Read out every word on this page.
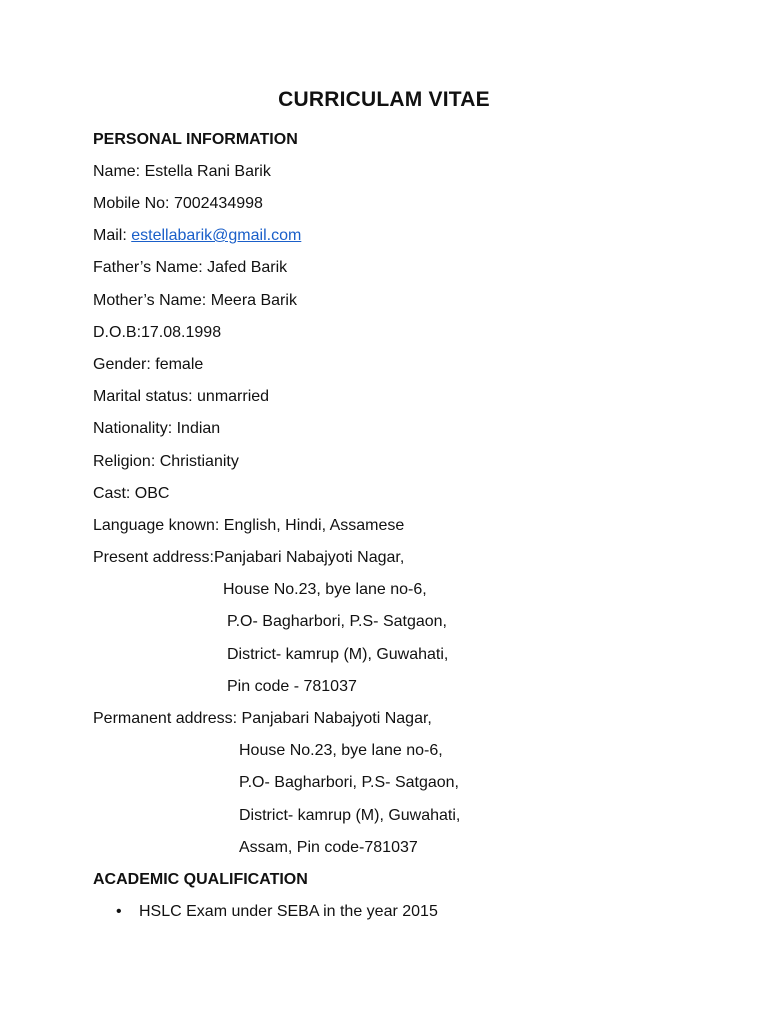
CURRICULAM VITAE
PERSONAL INFORMATION
Name: Estella Rani Barik
Mobile No: 7002434998
Mail: estellabarik@gmail.com
Father’s Name: Jafed Barik
Mother’s Name: Meera Barik
D.O.B:17.08.1998
Gender: female
Marital status: unmarried
Nationality: Indian
Religion: Christianity
Cast: OBC
Language known: English, Hindi, Assamese
Present address:Panjabari Nabajyoti Nagar,
House No.23, bye lane no-6,
P.O- Bagharbori, P.S- Satgaon,
District- kamrup (M), Guwahati,
Pin code - 781037
Permanent address: Panjabari Nabajyoti Nagar,
House No.23, bye lane no-6,
P.O- Bagharbori, P.S- Satgaon,
District- kamrup (M), Guwahati,
Assam, Pin code-781037
ACADEMIC QUALIFICATION
• HSLC Exam under SEBA in the year 2015
